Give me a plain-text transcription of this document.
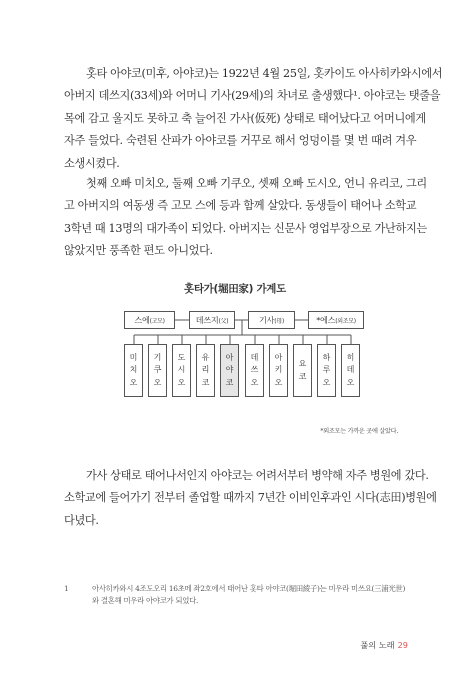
홋타 아야코(미후, 아야코)는 1922년 4월 25일, 홋카이도 아사히카와시에서
아버지 데쓰지(33세)와 어머니 기사(29세)의 차녀로 출생했다¹. 아야코는 탯줄을
목에 감고 울지도 못하고 축 늘어진 가사(仮死) 상태로 태어났다고 어머니에게
자주 들었다. 숙련된 산파가 아야코를 거꾸로 해서 엉덩이를 몇 번 때려 겨우
소생시켰다.

첫째 오빠 미치오, 둘째 오빠 기쿠오, 셋째 오빠 도시오, 언니 유리코, 그리
고 아버지의 여동생 즉 고모 스에 등과 함께 살았다. 동생들이 태어나 소학교
3학년 때 13명의 대가족이 되었다. 아버지는 신문사 영업부장으로 가난하지는
않았지만 풍족한 편도 아니었다.

홋타가(堀田家) 가계도
스에 (고모)	데쓰지 (父)	기사 (母)	*에스 (외조모)
미
치
오
기
쿠
오
도
시
오
유
리
코
아
야
코
데
쓰
오
아
키
오
요
코
하
루
오
히
데
오
*외조모는 가까운 곳에 살았다.

가사 상태로 태어나서인지 아야코는 어려서부터 병약해 자주 병원에 갔다.
소학교에 들어가기 전부터 졸업할 때까지 7년간 이비인후과인 시다(志田)병원에
다녔다.

1	아사히카와시 4조도오리 16초메 좌2호에서 태어난 홋타 아야코(堀田綾子)는 미우라 미쓰요(三浦光世)와 결혼해 미우라 아야코가 되었다.
풀의 노래 29
